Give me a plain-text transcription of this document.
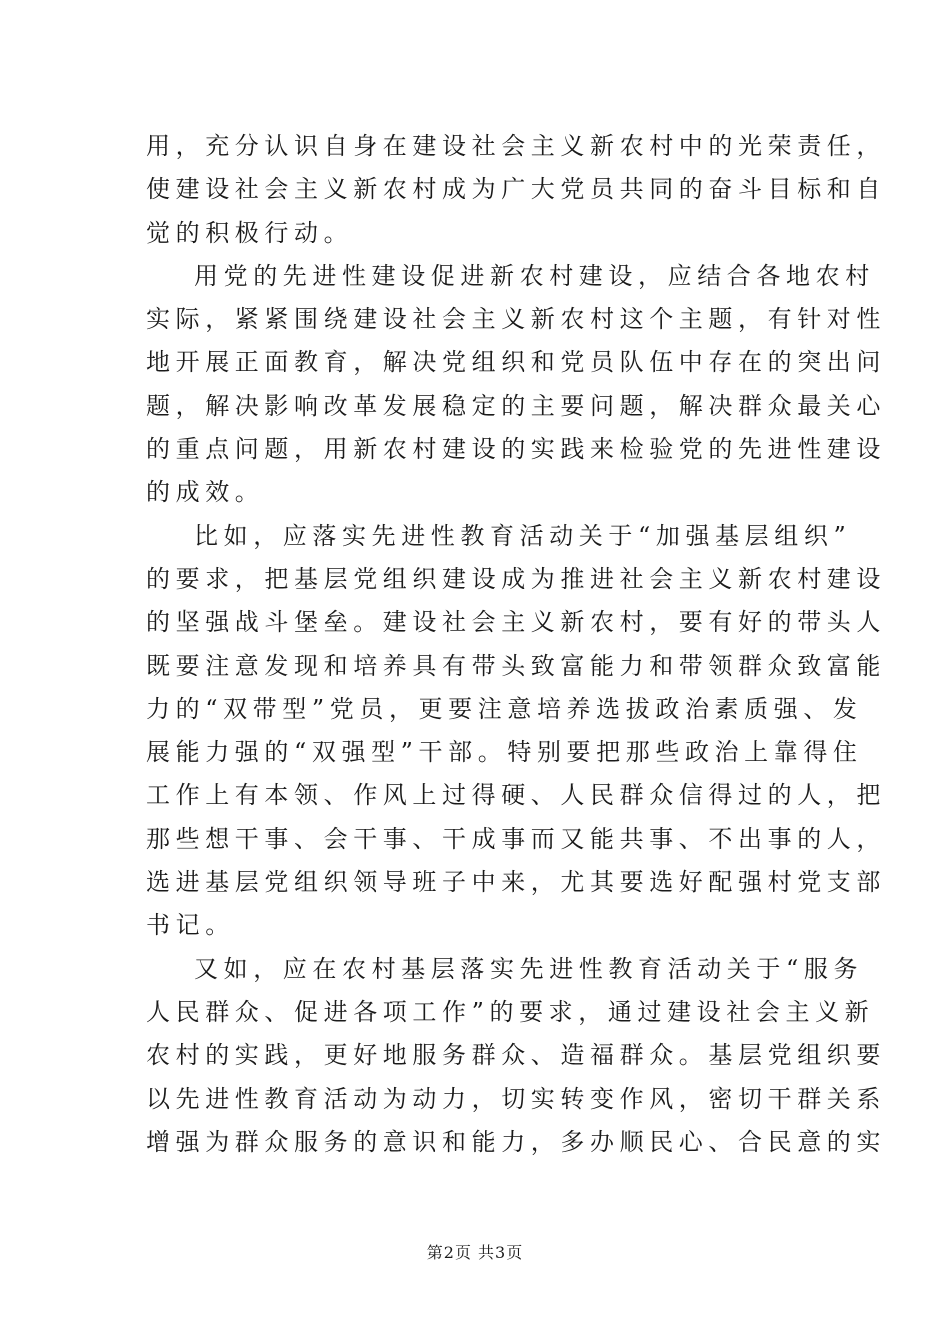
用，充分认识自身在建设社会主义新农村中的光荣责任，
使建设社会主义新农村成为广大党员共同的奋斗目标和自
觉的积极行动。
用党的先进性建设促进新农村建设，应结合各地农村
实际，紧紧围绕建设社会主义新农村这个主题，有针对性
地开展正面教育，解决党组织和党员队伍中存在的突出问
题，解决影响改革发展稳定的主要问题，解决群众最关心
的重点问题，用新农村建设的实践来检验党的先进性建设
的成效。
比如，应落实先进性教育活动关于“加强基层组织”
的要求，把基层党组织建设成为推进社会主义新农村建设
的坚强战斗堡垒。建设社会主义新农村，要有好的带头人
既要注意发现和培养具有带头致富能力和带领群众致富能
力的“双带型”党员，更要注意培养选拔政治素质强、发
展能力强的“双强型”干部。特别要把那些政治上靠得住
工作上有本领、作风上过得硬、人民群众信得过的人，把
那些想干事、会干事、干成事而又能共事、不出事的人，
选进基层党组织领导班子中来，尤其要选好配强村党支部
书记。
又如，应在农村基层落实先进性教育活动关于“服务
人民群众、促进各项工作”的要求，通过建设社会主义新
农村的实践，更好地服务群众、造福群众。基层党组织要
以先进性教育活动为动力，切实转变作风，密切干群关系
增强为群众服务的意识和能力，多办顺民心、合民意的实
第2页 共3页
